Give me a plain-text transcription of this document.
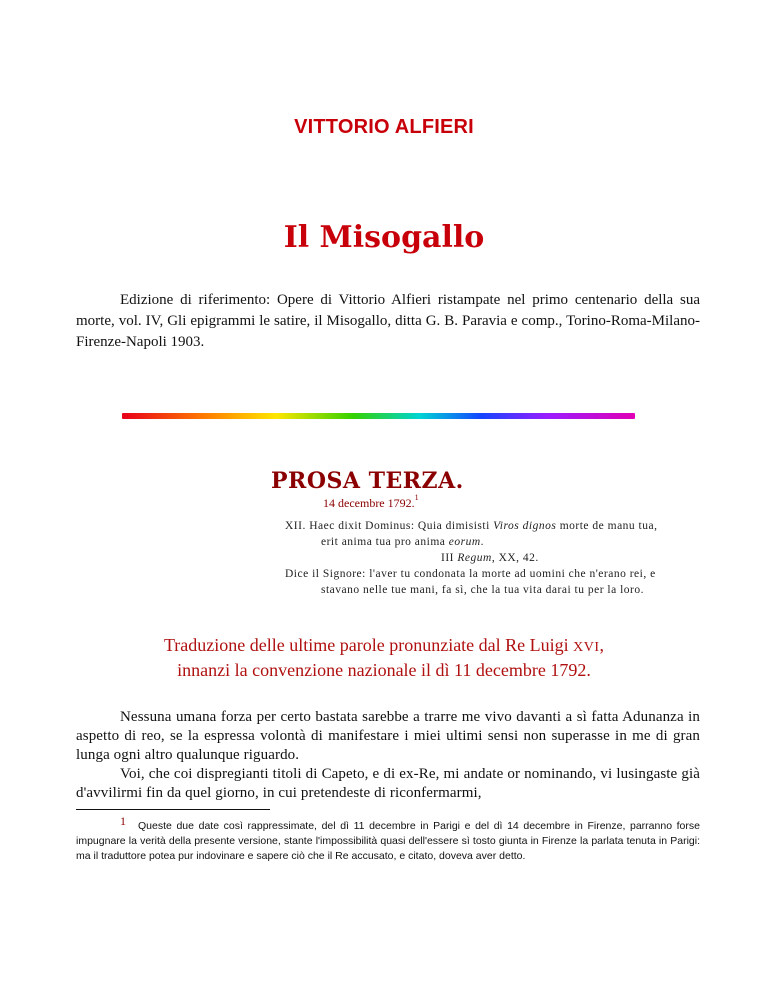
VITTORIO ALFIERI
Il Misogallo
Edizione di riferimento: Opere di Vittorio Alfieri ristampate nel primo centenario della sua morte, vol. IV, Gli epigrammi le satire, il Misogallo, ditta G. B. Paravia e comp., Torino-Roma-Milano-Firenze-Napoli 1903.
PROSA TERZA.
14 decembre 1792.$^1$

XII. Haec dixit Dominus: Quia dimisisti Viros dignos morte de manu tua, erit anima tua pro anima eorum.

III Regum, XX, 42.

Dice il Signore: l'aver tu condonata la morte ad uomini che n'erano rei, e stavano nelle tue mani, fa sì, che la tua vita darai tu per la loro.

Traduzione delle ultime parole pronunziate dal Re Luigi XVI,
innanzi la convenzione nazionale il dì 11 decembre 1792.

Nessuna umana forza per certo bastata sarebbe a trarre me vivo davanti a sì fatta Adunanza in aspetto di reo, se la espressa volontà di manifestare i miei ultimi sensi non superasse in me di gran lunga ogni altro qualunque riguardo.

Voi, che coi dispregianti titoli di Capeto, e di ex-Re, mi andate or nominando, vi lusingaste già d'avvilirmi fin da quel giorno, in cui pretendeste di riconfermarmi,

1 Queste due date così rappressimate, del dì 11 decembre in Parigi e del dì 14 decembre in Firenze, parranno forse impugnare la verità della presente versione, stante l'impossibilità quasi dell'essere sì tosto giunta in Firenze la parlata tenuta in Parigi: ma il traduttore potea pur indovinare e sapere ciò che il Re accusato, e citato, doveva aver detto.
